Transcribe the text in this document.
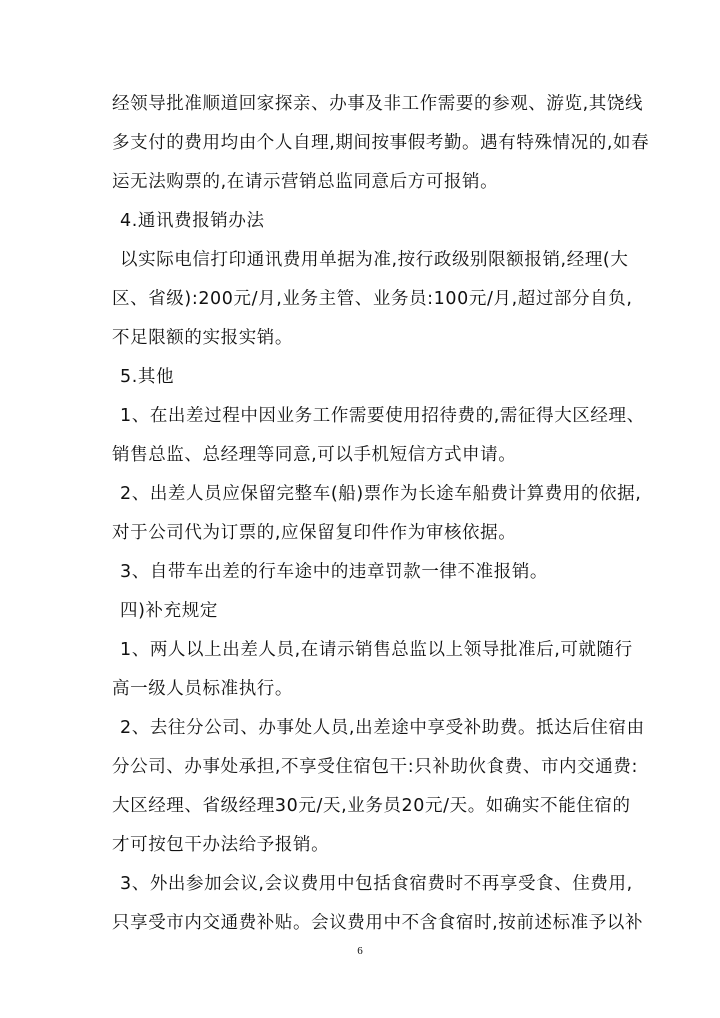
经领导批准顺道回家探亲、办事及非工作需要的参观、游览,其饶线
多支付的费用均由个人自理,期间按事假考勤。遇有特殊情况的,如春
运无法购票的,在请示营销总监同意后方可报销。
4.通讯费报销办法
以实际电信打印通讯费用单据为准,按行政级别限额报销,经理(大
区、省级):200元/月,业务主管、业务员:100元/月,超过部分自负,
不足限额的实报实销。
5.其他
1、在出差过程中因业务工作需要使用招待费的,需征得大区经理、
销售总监、总经理等同意,可以手机短信方式申请。
2、出差人员应保留完整车(船)票作为长途车船费计算费用的依据,
对于公司代为订票的,应保留复印件作为审核依据。
3、自带车出差的行车途中的违章罚款一律不准报销。
四)补充规定
1、两人以上出差人员,在请示销售总监以上领导批准后,可就随行
高一级人员标准执行。
2、去往分公司、办事处人员,出差途中享受补助费。抵达后住宿由
分公司、办事处承担,不享受住宿包干:只补助伙食费、市内交通费:
大区经理、省级经理30元/天,业务员20元/天。如确实不能住宿的
才可按包干办法给予报销。
3、外出参加会议,会议费用中包括食宿费时不再享受食、住费用,
只享受市内交通费补贴。会议费用中不含食宿时,按前述标准予以补
6
